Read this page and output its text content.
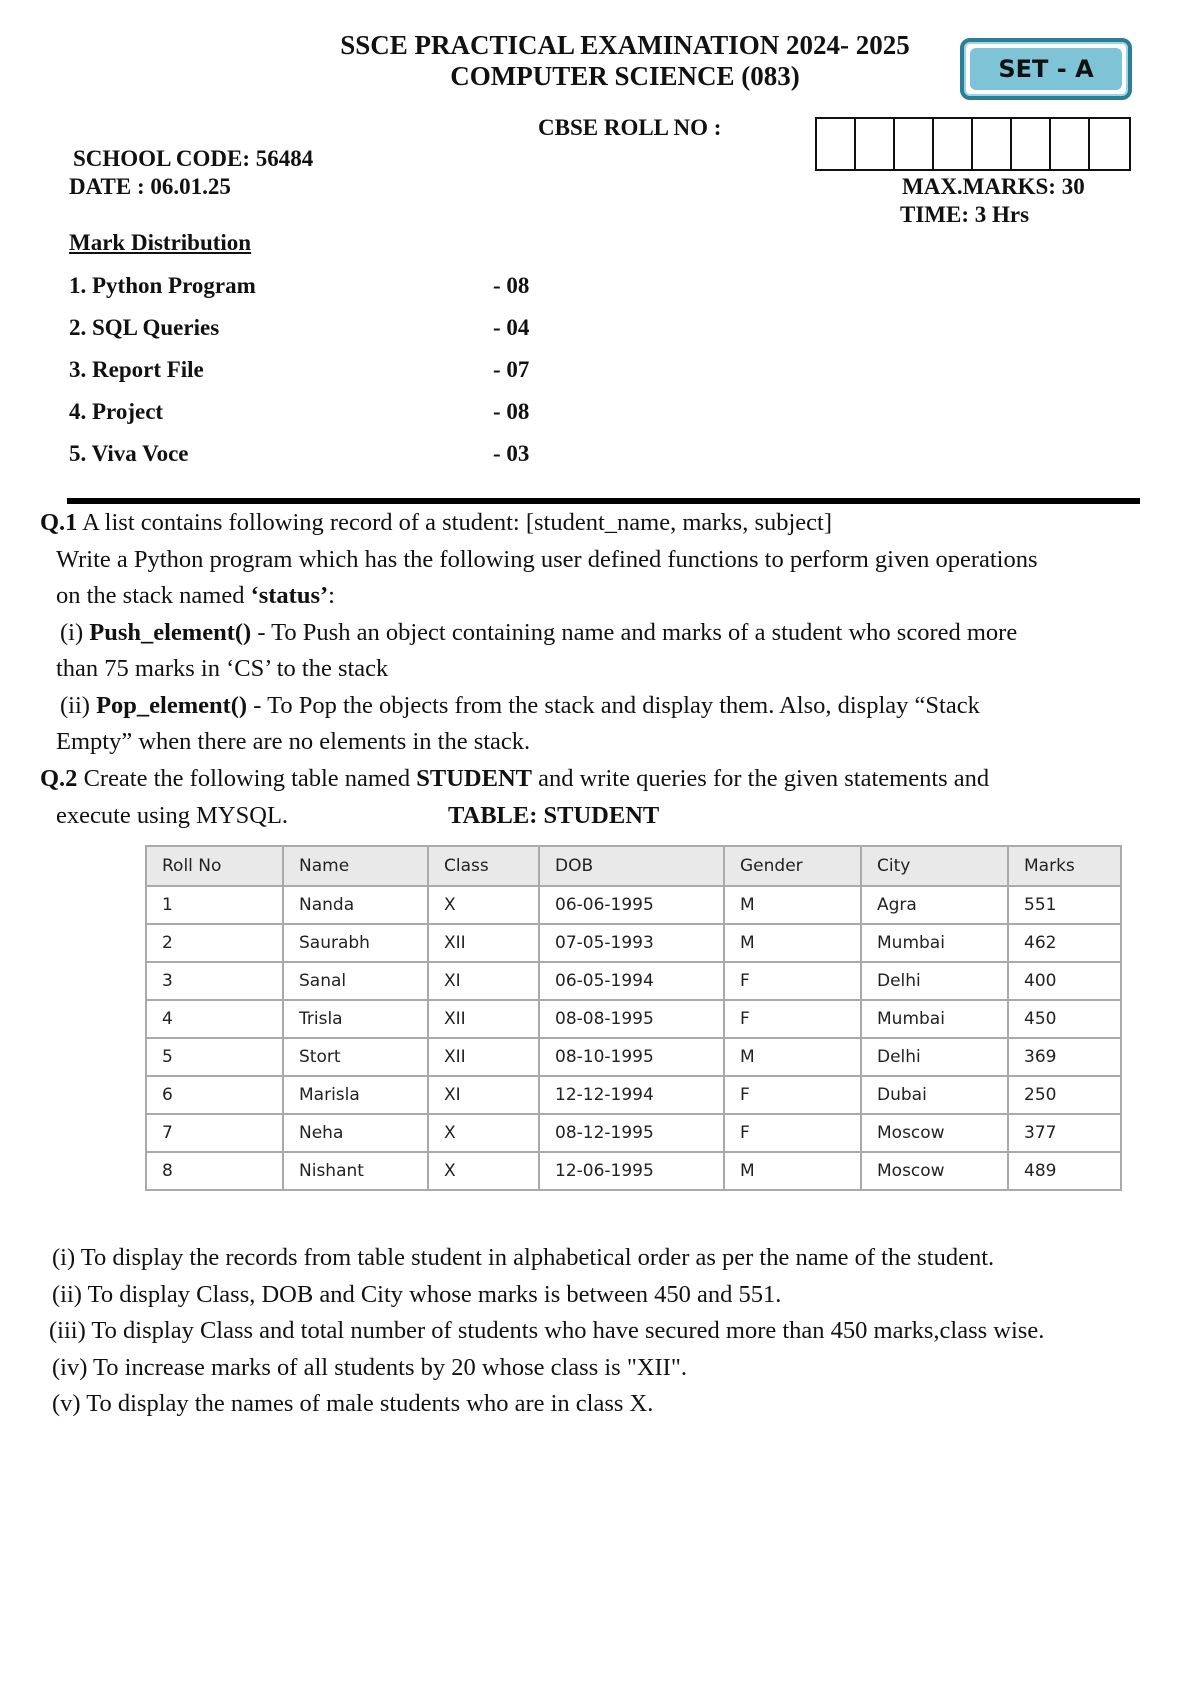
SSCE PRACTICAL EXAMINATION 2024- 2025
COMPUTER SCIENCE (083)	SET - A
CBSE ROLL NO :
SCHOOL CODE: 56484
DATE : 06.01.25	MAX.MARKS: 30
TIME: 3 Hrs
Mark Distribution
1. Python Program	- 08
2. SQL Queries	- 04
3. Report File	- 07
4. Project	- 08
5. Viva Voce	- 03

Q.1 A list contains following record of a student: [student_name, marks, subject]

Write a Python program which has the following user defined functions to perform given operations

on the stack named ‘status’:

(i) Push_element() - To Push an object containing name and marks of a student who scored more

than 75 marks in ‘CS’ to the stack

(ii) Pop_element() - To Pop the objects from the stack and display them. Also, display “Stack

Empty” when there are no elements in the stack.

Q.2 Create the following table named STUDENT and write queries for the given statements and

execute using MYSQL.	TABLE: STUDENT

Roll No	Name	Class	DOB	Gender	City	Marks
1	Nanda	X	06-06-1995	M	Agra	551
2	Saurabh	XII	07-05-1993	M	Mumbai	462
3	Sanal	XI	06-05-1994	F	Delhi	400
4	Trisla	XII	08-08-1995	F	Mumbai	450
5	Stort	XII	08-10-1995	M	Delhi	369
6	Marisla	XI	12-12-1994	F	Dubai	250
7	Neha	X	08-12-1995	F	Moscow	377
8	Nishant	X	12-06-1995	M	Moscow	489

(i) To display the records from table student in alphabetical order as per the name of the student.

(ii) To display Class, DOB and City whose marks is between 450 and 551.

(iii) To display Class and total number of students who have secured more than 450 marks,class wise.

(iv) To increase marks of all students by 20 whose class is "XII".

(v) To display the names of male students who are in class X.
